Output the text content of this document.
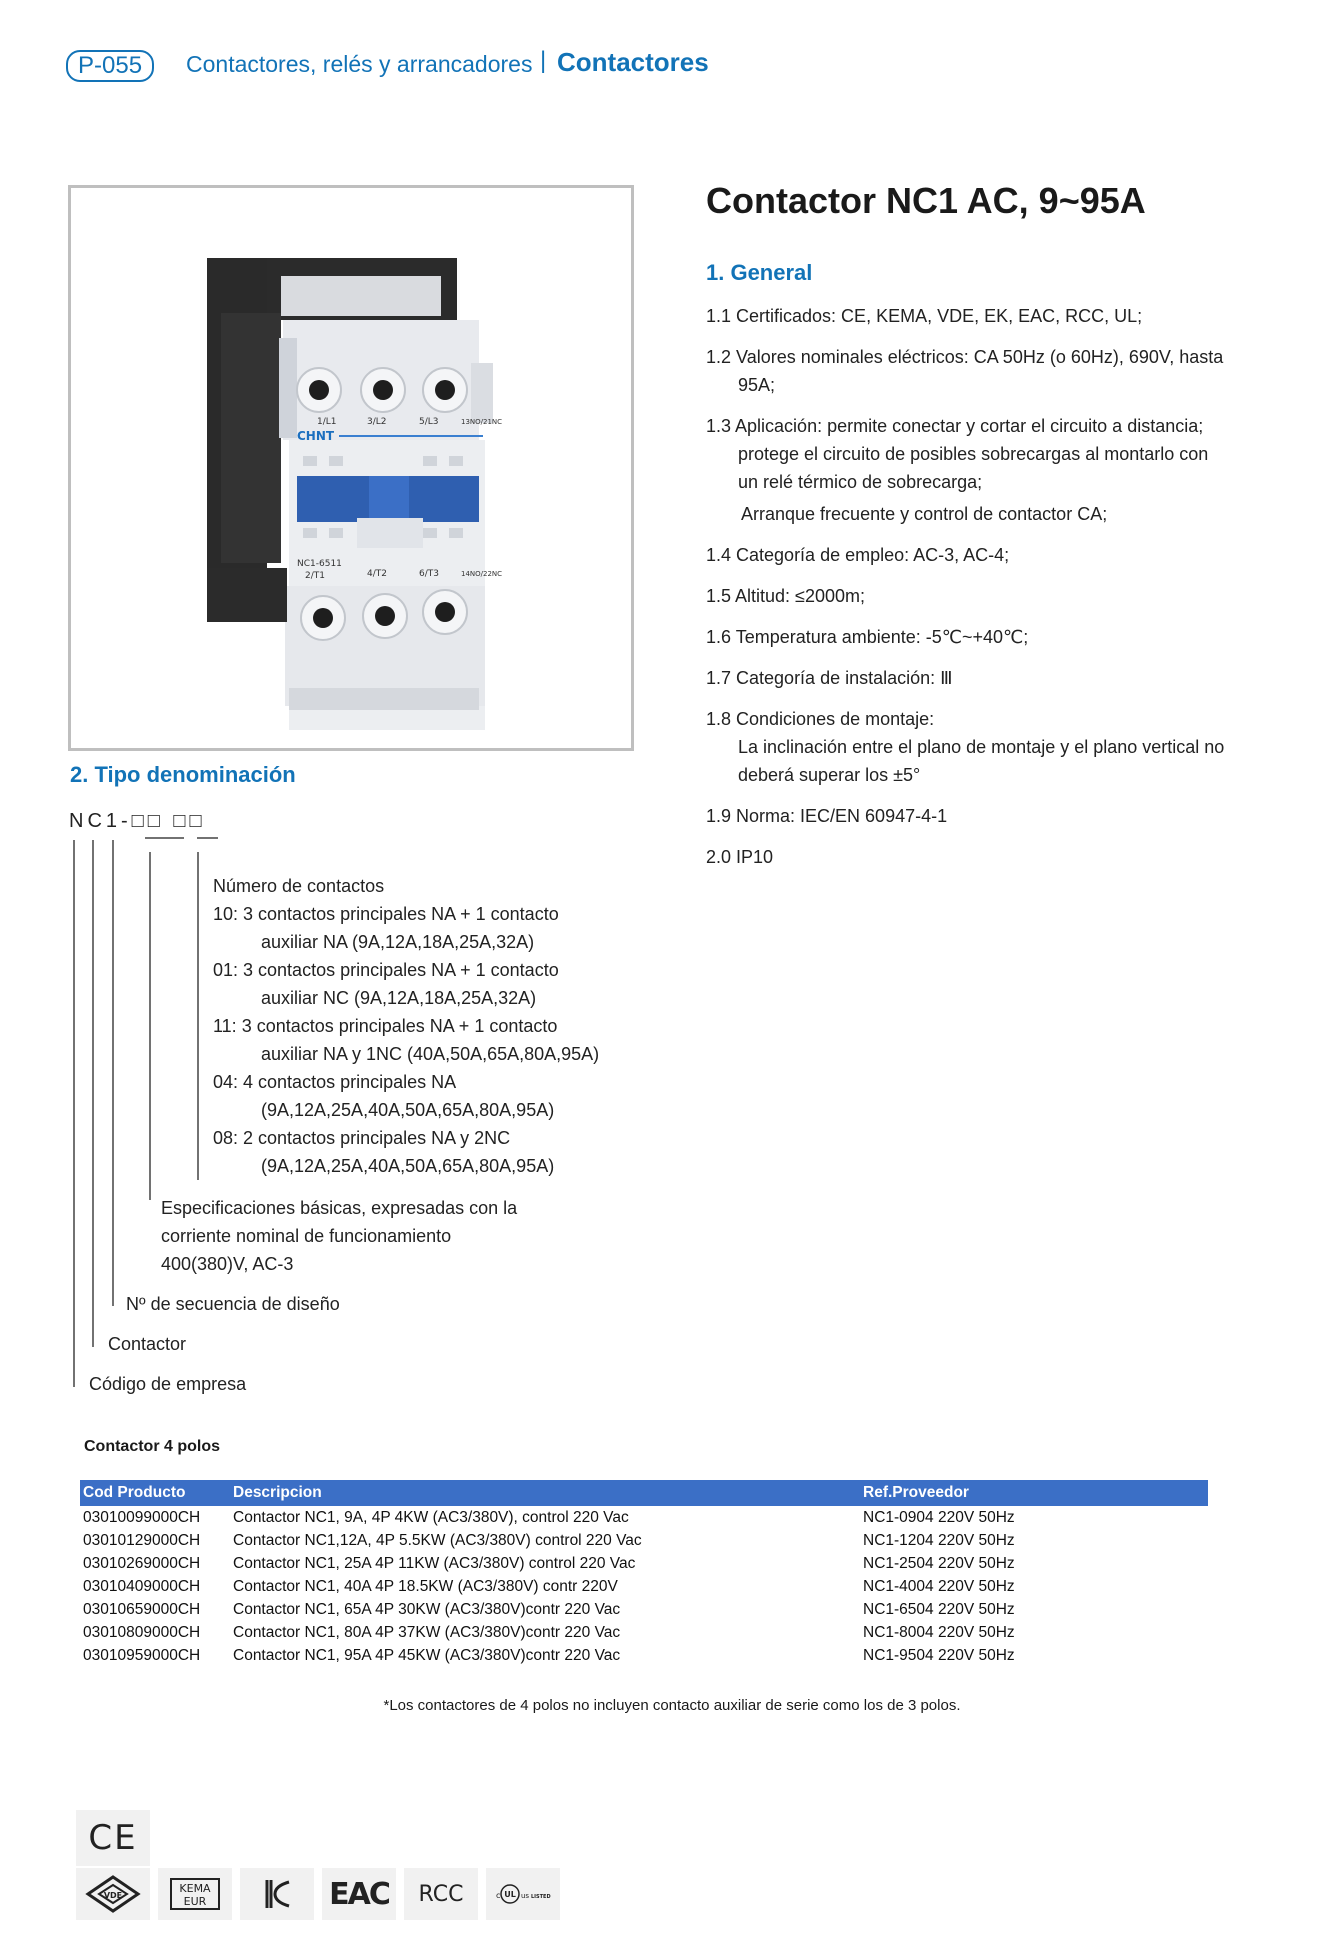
P-055	Contactores, relés y arrancadores | Contactores
1/L1	3/L2	5/L3	13NO/21NC
CHNT
NC1-6511
2/T1	4/T2	6/T3	14NO/22NC
Contactor NC1 AC, 9~95A
1. General
1.1 Certificados: CE, KEMA, VDE, EK, EAC, RCC, UL;
1.2 Valores nominales eléctricos: CA 50Hz (o 60Hz), 690V, hasta
95A;
1.3 Aplicación: permite conectar y cortar el circuito a distancia;
protege el circuito de posibles sobrecargas al montarlo con
un relé térmico de sobrecarga;
Arranque frecuente y control de contactor CA;
1.4 Categoría de empleo: AC-3, AC-4;
1.5 Altitud: ≤2000m;
1.6 Temperatura ambiente: -5℃~+40℃;
1.7 Categoría de instalación: Ⅲ
1.8 Condiciones de montaje:
La inclinación entre el plano de montaje y el plano vertical no
deberá superar los ±5°
1.9 Norma: IEC/EN 60947-4-1
2.0 IP10
2. Tipo denominación
NC1-□□ □□
Número de contactos
10: 3 contactos principales NA + 1 contacto
auxiliar NA (9A,12A,18A,25A,32A)
01: 3 contactos principales NA + 1 contacto
auxiliar NC (9A,12A,18A,25A,32A)
11: 3 contactos principales NA + 1 contacto
auxiliar NA y 1NC (40A,50A,65A,80A,95A)
04: 4 contactos principales NA
(9A,12A,25A,40A,50A,65A,80A,95A)
08: 2 contactos principales NA y 2NC
(9A,12A,25A,40A,50A,65A,80A,95A)
Especificaciones básicas, expresadas con la
corriente nominal de funcionamiento
400(380)V, AC-3
Nº de secuencia de diseño
Contactor
Código de empresa
Contactor 4 polos
Cod Producto	Descripcion	Ref.Proveedor
03010099000CH	Contactor NC1, 9A, 4P 4KW (AC3/380V), control 220 Vac	NC1-0904 220V 50Hz
03010129000CH	Contactor NC1,12A, 4P 5.5KW (AC3/380V) control 220 Vac	NC1-1204 220V 50Hz
03010269000CH	Contactor NC1, 25A 4P 11KW (AC3/380V) control 220 Vac	NC1-2504 220V 50Hz
03010409000CH	Contactor NC1, 40A 4P 18.5KW (AC3/380V) contr 220V	NC1-4004 220V 50Hz
03010659000CH	Contactor NC1, 65A 4P 30KW (AC3/380V)contr 220 Vac	NC1-6504 220V 50Hz
03010809000CH	Contactor NC1, 80A 4P 37KW (AC3/380V)contr 220 Vac	NC1-8004 220V 50Hz
03010959000CH	Contactor NC1, 95A 4P 45KW (AC3/380V)contr 220 Vac	NC1-9504 220V 50Hz
*Los contactores de 4 polos no incluyen contacto auxiliar de serie como los de 3 polos.
CE
VDE
KEMA
EUR	EAC RCC	c UL us LISTED
